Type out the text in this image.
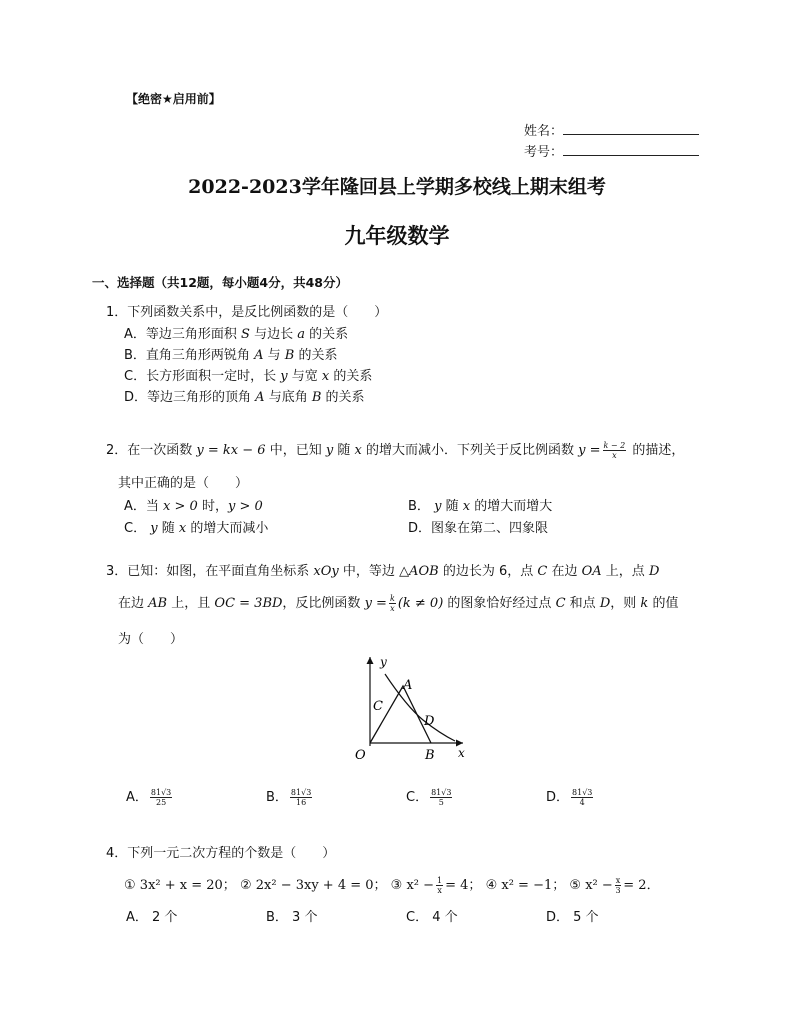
【绝密★启用前】
姓名：
考号：
2022-2023学年隆回县上学期多校线上期末组考
九年级数学
一、选择题（共12题，每小题4分，共48分）
1．下列函数关系中，是反比例函数的是（　　）
A．等边三角形面积 S 与边长 a 的关系
B．直角三角形两锐角 A 与 B 的关系
C．长方形面积一定时，长 y 与宽 x 的关系
D．等边三角形的顶角 A 与底角 B 的关系
2．在一次函数 y = kx − 6 中，已知 y 随 x 的增大而减小．下列关于反比例函数 $y = \frac{k - 2}{x}$ 的描述，
其中正确的是（　　）
A．当 x > 0 时，y > 0	B． y 随 x 的增大而增大
C． y 随 x 的增大而减小	D．图象在第二、四象限
3．已知：如图，在平面直角坐标系 xOy 中，等边 △AOB 的边长为 6，点 C 在边 OA 上，点 D
在边 AB 上，且 OC = 3BD，反比例函数 $y = \frac{k}{x} (k \ne 0)$ 的图象恰好经过点 C 和点 D，则 k 的值
为（　　）
y
x
O
A
B
C
D
A． $\frac{81√3}{25}$	B． $\frac{81√3}{16}$	C． $\frac{81√3}{5}$	D． $\frac{81√3}{4}$
4．下列一元二次方程的个数是（　　）
① 3x² + x = 20； ② 2x² − 3xy + 4 = 0； ③ $x^2 - \frac{1}{x} = 4$； ④ x² = −1； ⑤ $x^2 - \frac{x}{3} = 2$．
A． 2 个	B． 3 个	C． 4 个	D． 5 个
